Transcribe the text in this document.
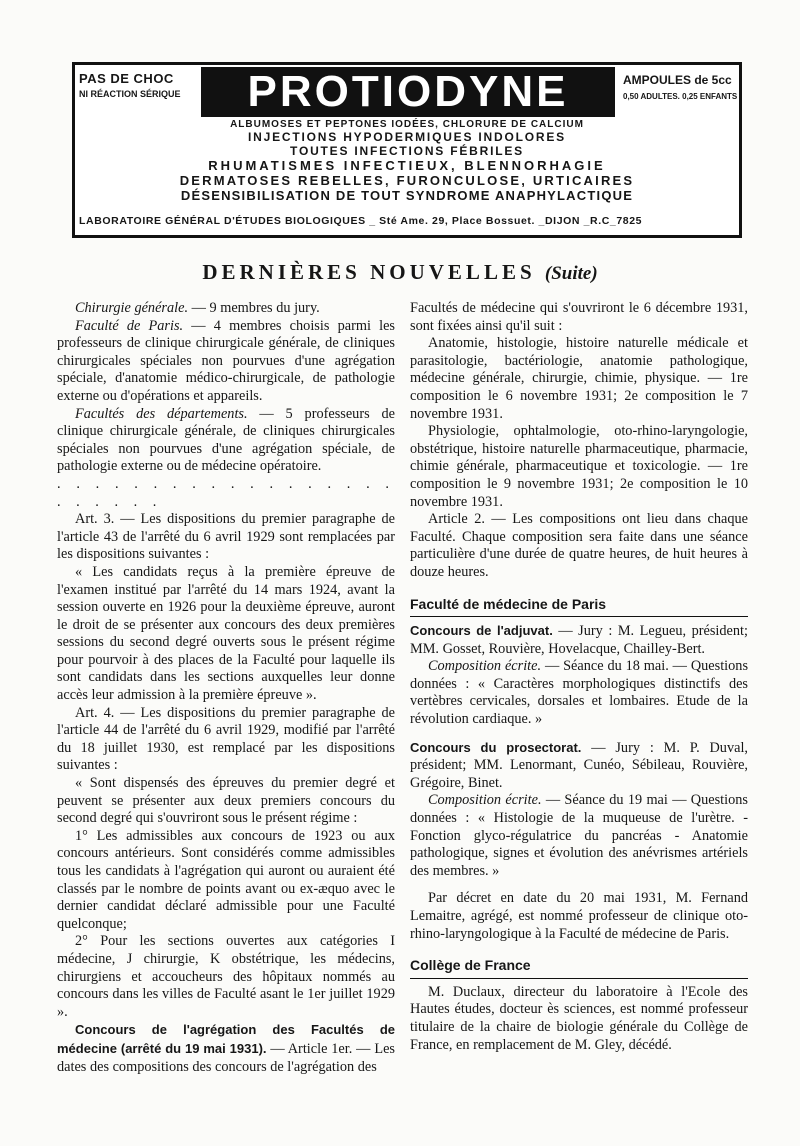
PAS DE CHOC
NI RÉACTION SÉRIQUE	PROTIODYNE	AMPOULES de 5cc
0,50 ADULTES. 0,25 ENFANTS
ALBUMOSES ET PEPTONES IODÉES, CHLORURE DE CALCIUM
INJECTIONS HYPODERMIQUES INDOLORES
TOUTES INFECTIONS FÉBRILES
RHUMATISMES INFECTIEUX, BLENNORHAGIE
DERMATOSES REBELLES, FURONCULOSE, URTICAIRES
DÉSENSIBILISATION DE TOUT SYNDROME ANAPHYLACTIQUE
LABORATOIRE GÉNÉRAL D'ÉTUDES BIOLOGIQUES _ Sté Ame. 29, Place Bossuet. _DIJON _R.C_7825
DERNIÈRES NOUVELLES (Suite)

Chirurgie générale. — 9 membres du jury.

Faculté de Paris. — 4 membres choisis parmi les professeurs de clinique chirurgicale générale, de cliniques chirurgicales spéciales non pourvues d'une agrégation spéciale, d'anatomie médico-chirurgicale, de pathologie externe ou d'opérations et appareils.

Facultés des départements. — 5 professeurs de clinique chirurgicale générale, de cliniques chirurgicales spéciales non pourvues d'une agrégation spéciale, de pathologie externe ou de médecine opératoire.

. . . . . . . . . . . . . . . . . . . . . . . .

Art. 3. — Les dispositions du premier paragraphe de l'article 43 de l'arrêté du 6 avril 1929 sont remplacées par les dispositions suivantes :

« Les candidats reçus à la première épreuve de l'examen institué par l'arrêté du 14 mars 1924, avant la session ouverte en 1926 pour la deuxième épreuve, auront le droit de se présenter aux concours des deux premières sessions du second degré ouverts sous le présent régime pour pourvoir à des places de la Faculté pour laquelle ils sont candidats dans les sections auxquelles leur donne accès leur admission à la première épreuve ».

Art. 4. — Les dispositions du premier paragraphe de l'article 44 de l'arrêté du 6 avril 1929, modifié par l'arrêté du 18 juillet 1930, est remplacé par les dispositions suivantes :

« Sont dispensés des épreuves du premier degré et peuvent se présenter aux deux premiers concours du second degré qui s'ouvriront sous le présent régime :

1° Les admissibles aux concours de 1923 ou aux concours antérieurs. Sont considérés comme admissibles tous les candidats à l'agrégation qui auront ou auraient été classés par le nombre de points avant ou ex-æquo avec le dernier candidat déclaré admissible pour une Faculté quelconque;

2° Pour les sections ouvertes aux catégories I médecine, J chirurgie, K obstétrique, les médecins, chirurgiens et accoucheurs des hôpitaux nommés au concours dans les villes de Faculté asant le 1er juillet 1929 ».

Concours de l'agrégation des Facultés de médecine (arrêté du 19 mai 1931). — Article 1er. — Les dates des compositions des concours de l'agrégation des

Facultés de médecine qui s'ouvriront le 6 décembre 1931, sont fixées ainsi qu'il suit :

Anatomie, histologie, histoire naturelle médicale et parasitologie, bactériologie, anatomie pathologique, médecine générale, chirurgie, chimie, physique. — 1re composition le 6 novembre 1931; 2e composition le 7 novembre 1931.

Physiologie, ophtalmologie, oto-rhino-laryngologie, obstétrique, histoire naturelle pharmaceutique, pharmacie, chimie générale, pharmaceutique et toxicologie. — 1re composition le 9 novembre 1931; 2e composition le 10 novembre 1931.

Article 2. — Les compositions ont lieu dans chaque Faculté. Chaque composition sera faite dans une séance particulière d'une durée de quatre heures, de huit heures à douze heures.

Faculté de médecine de Paris

Concours de l'adjuvat. — Jury : M. Legueu, président; MM. Gosset, Rouvière, Hovelacque, Chailley-Bert.

Composition écrite. — Séance du 18 mai. — Questions données : « Caractères morphologiques distinctifs des vertèbres cervicales, dorsales et lombaires. Etude de la révolution cardiaque. »

Concours du prosectorat. — Jury : M. P. Duval, président; MM. Lenormant, Cunéo, Sébileau, Rouvière, Grégoire, Binet.

Composition écrite. — Séance du 19 mai — Questions données : « Histologie de la muqueuse de l'urètre. - Fonction glyco-régulatrice du pancréas - Anatomie pathologique, signes et évolution des anévrismes artériels des membres. »

Par décret en date du 20 mai 1931, M. Fernand Lemaitre, agrégé, est nommé professeur de clinique oto-rhino-laryngologique à la Faculté de médecine de Paris.

Collège de France

M. Duclaux, directeur du laboratoire à l'Ecole des Hautes études, docteur ès sciences, est nommé professeur titulaire de la chaire de biologie générale du Collège de France, en remplacement de M. Gley, décédé.
